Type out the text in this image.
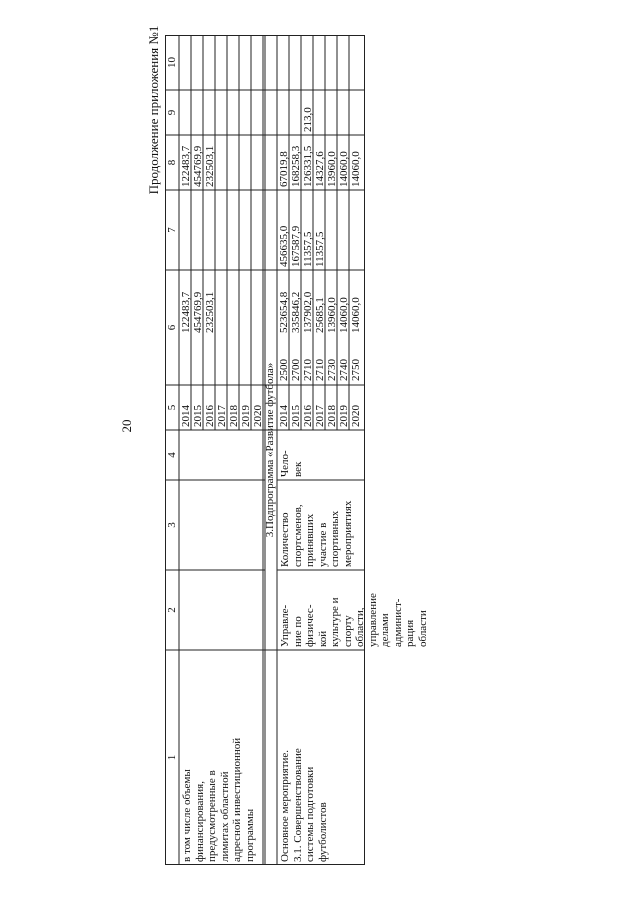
20
Продолжение приложения №1
1
2
3
4
5
6
7
8
9
10
в том числе объемы
финансирования,
предусмотренные в
лимитах областной
адресной инвестиционной
программы
2014 2015 2016 2017 2018 2019 2020
122483,7 454769,9 232503,1
122483,7 454769,9 232503,1
3.Подпрограмма «Развитие футбола»
Основное мероприятие.
3.1. Совершенствование
системы подготовки
футболистов
Управле-
ние по
физичес-
кой
культуре и
спорту
области,
управление
делами
админист-
рация
области
Количество
спортсменов,
принявших
участие в
спортивных
мероприятиях
Чело-
век
2014 2015 2016 2017 2018 2019 2020
2500 2700 2710 2710 2730 2740 2750
523654,8 335846,2 137902,0 25685,1 13960,0 14060,0 14060,0
456635,0 167587,9 11357,5 11357,5
67019,8 168258,3 126331,5 14327,6 13960,0 14060,0 14060,0
213,0
